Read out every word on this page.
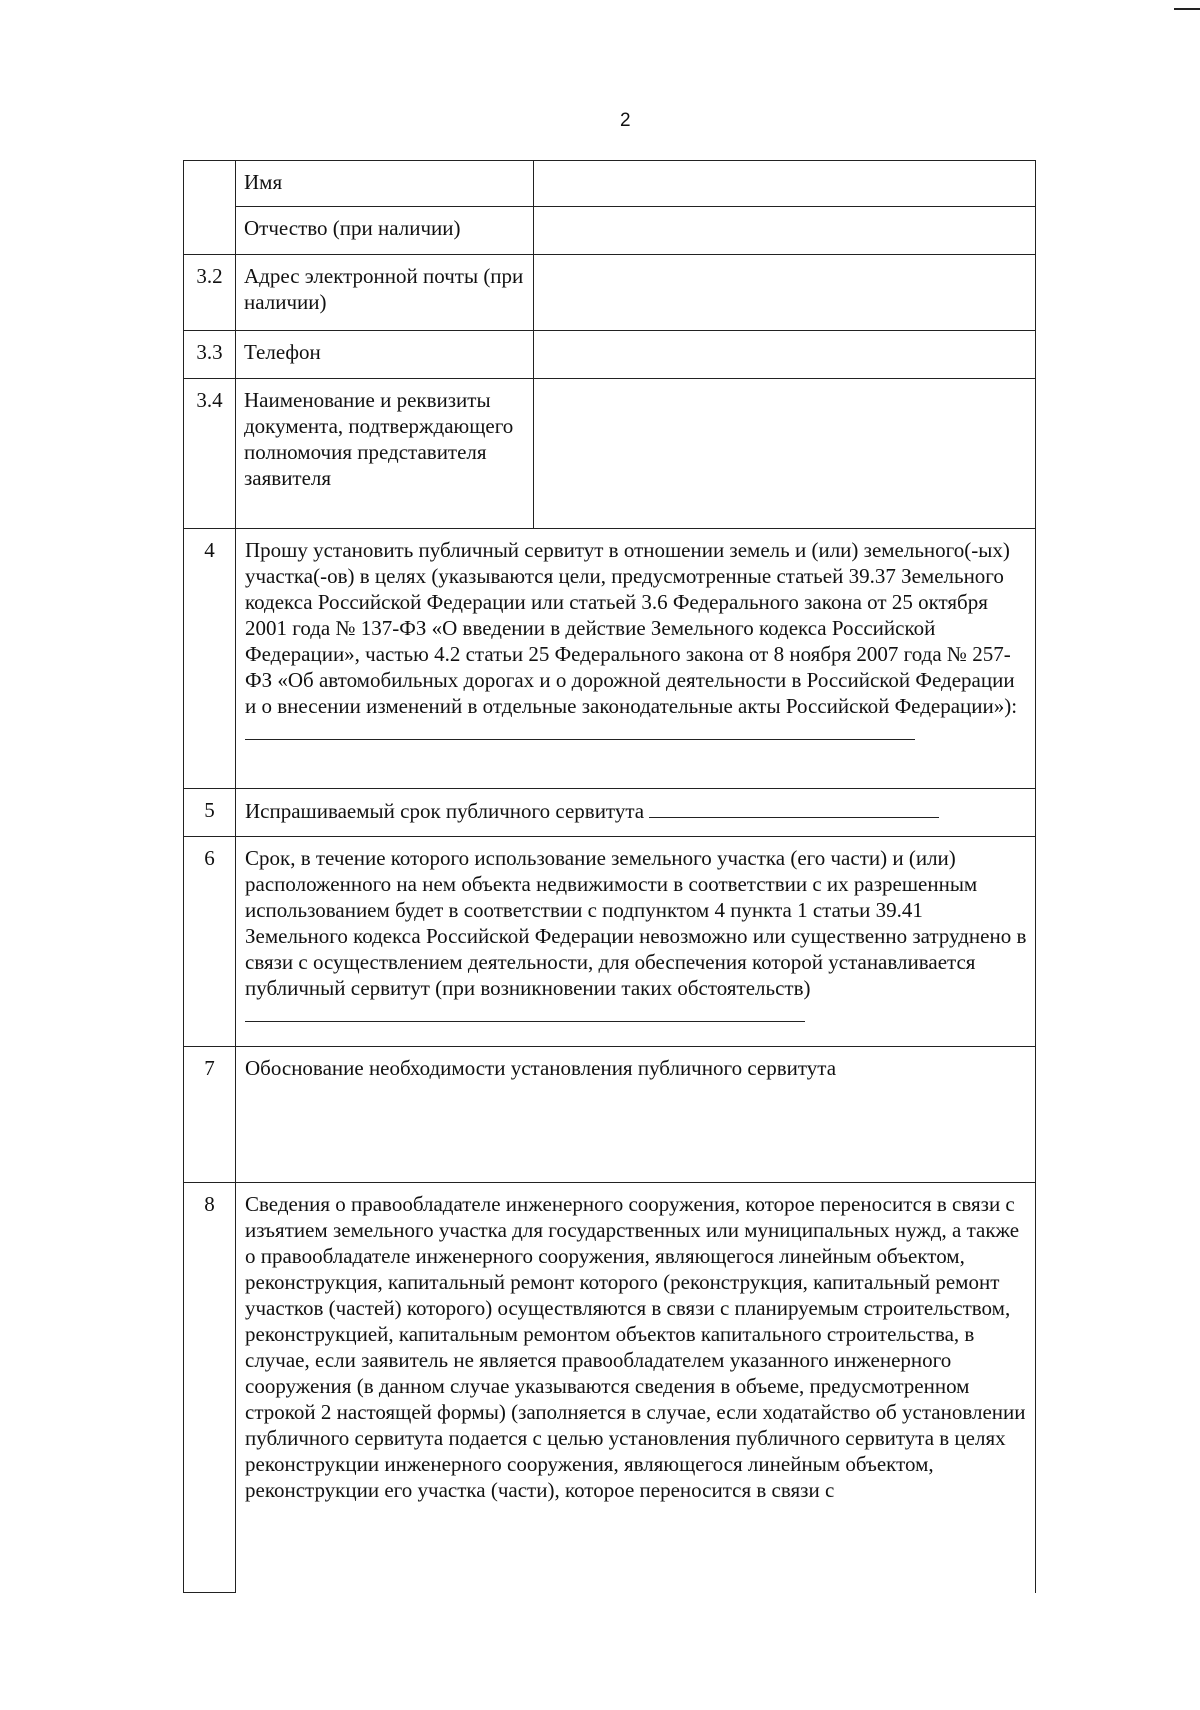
2
	Имя	
	Отчество (при наличии)	
3.2	Адрес электронной почты (при наличии)	
3.3	Телефон	
3.4	Наименование и реквизиты документа, подтверждающего полномочия представителя заявителя	
4	Прошу установить публичный сервитут в отношении земель и (или) земельного(-ых) участка(-ов) в целях (указываются цели, предусмотренные статьей 39.37 Земельного кодекса Российской Федерации или статьей 3.6 Федерального закона от 25 октября 2001 года № 137-ФЗ «О введении в действие Земельного кодекса Российской Федерации», частью 4.2 статьи 25 Федерального закона от 8 ноября 2007 года № 257-ФЗ «Об автомобильных дорогах и о дорожной деятельности в Российской Федерации и о внесении изменений в отдельные законодательные акты Российской Федерации»):	

5	Испрашиваемый срок публичного сервитута	
6	Срок, в течение которого использование земельного участка (его части) и (или) расположенного на нем объекта недвижимости в соответствии с их разрешенным использованием будет в соответствии с подпунктом 4 пункта 1 статьи 39.41 Земельного кодекса Российской Федерации невозможно или существенно затруднено в связи с осуществлением деятельности, для обеспечения которой устанавливается публичный сервитут (при возникновении таких обстоятельств)	
7	Обоснование необходимости установления публичного сервитута	
8	Сведения о правообладателе инженерного сооружения, которое переносится в связи с изъятием земельного участка для государственных или муниципальных нужд, а также о правообладателе инженерного сооружения, являющегося линейным объектом, реконструкция, капитальный ремонт которого (реконструкция, капитальный ремонт участков (частей) которого) осуществляются в связи с планируемым строительством, реконструкцией, капитальным ремонтом объектов капитального строительства, в случае, если заявитель не является правообладателем указанного инженерного сооружения (в данном случае указываются сведения в объеме, предусмотренном строкой 2 настоящей формы) (заполняется в случае, если ходатайство об установлении публичного сервитута подается с целью установления публичного сервитута в целях реконструкции инженерного сооружения, являющегося линейным объектом, реконструкции его участка (части), которое переносится в связи с	
